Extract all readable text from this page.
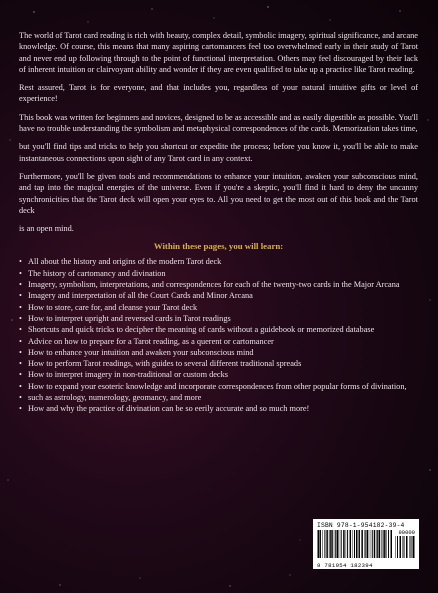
The world of Tarot card reading is rich with beauty, complex detail, symbolic imagery, spiritual significance, and arcane knowledge. Of course, this means that many aspiring cartomancers feel too overwhelmed early in their study of Tarot and never end up following through to the point of functional interpretation. Others may feel discouraged by their lack of inherent intuition or clairvoyant ability and wonder if they are even qualified to take up a practice like Tarot reading.

Rest assured, Tarot is for everyone, and that includes you, regardless of your natural intuitive gifts or level of experience!

This book was written for beginners and novices, designed to be as accessible and as easily digestible as possible. You'll have no trouble understanding the symbolism and metaphysical correspondences of the cards. Memorization takes time,

but you'll find tips and tricks to help you shortcut or expedite the process; before you know it, you'll be able to make instantaneous connections upon sight of any Tarot card in any context.

Furthermore, you'll be given tools and recommendations to enhance your intuition, awaken your subconscious mind, and tap into the magical energies of the universe. Even if you're a skeptic, you'll find it hard to deny the uncanny synchronicities that the Tarot deck will open your eyes to. All you need to get the most out of this book and the Tarot deck

is an open mind.

Within these pages, you will learn:
• All about the history and origins of the modern Tarot deck
• The history of cartomancy and divination
• Imagery, symbolism, interpretations, and correspondences for each of the twenty-two cards in the Major Arcana
• Imagery and interpretation of all the Court Cards and Minor Arcana
• How to store, care for, and cleanse your Tarot deck
• How to interpret upright and reversed cards in Tarot readings
• Shortcuts and quick tricks to decipher the meaning of cards without a guidebook or memorized database
• Advice on how to prepare for a Tarot reading, as a querent or cartomancer
• How to enhance your intuition and awaken your subconscious mind
• How to perform Tarot readings, with guides to several different traditional spreads
• How to interpret imagery in non-traditional or custom decks
• How to expand your esoteric knowledge and incorporate correspondences from other popular forms of divination,
• such as astrology, numerology, geomancy, and more
• How and why the practice of divination can be so eerily accurate and so much more!
ISBN 978-1-954182-39-4
90000
9 781954 182394
